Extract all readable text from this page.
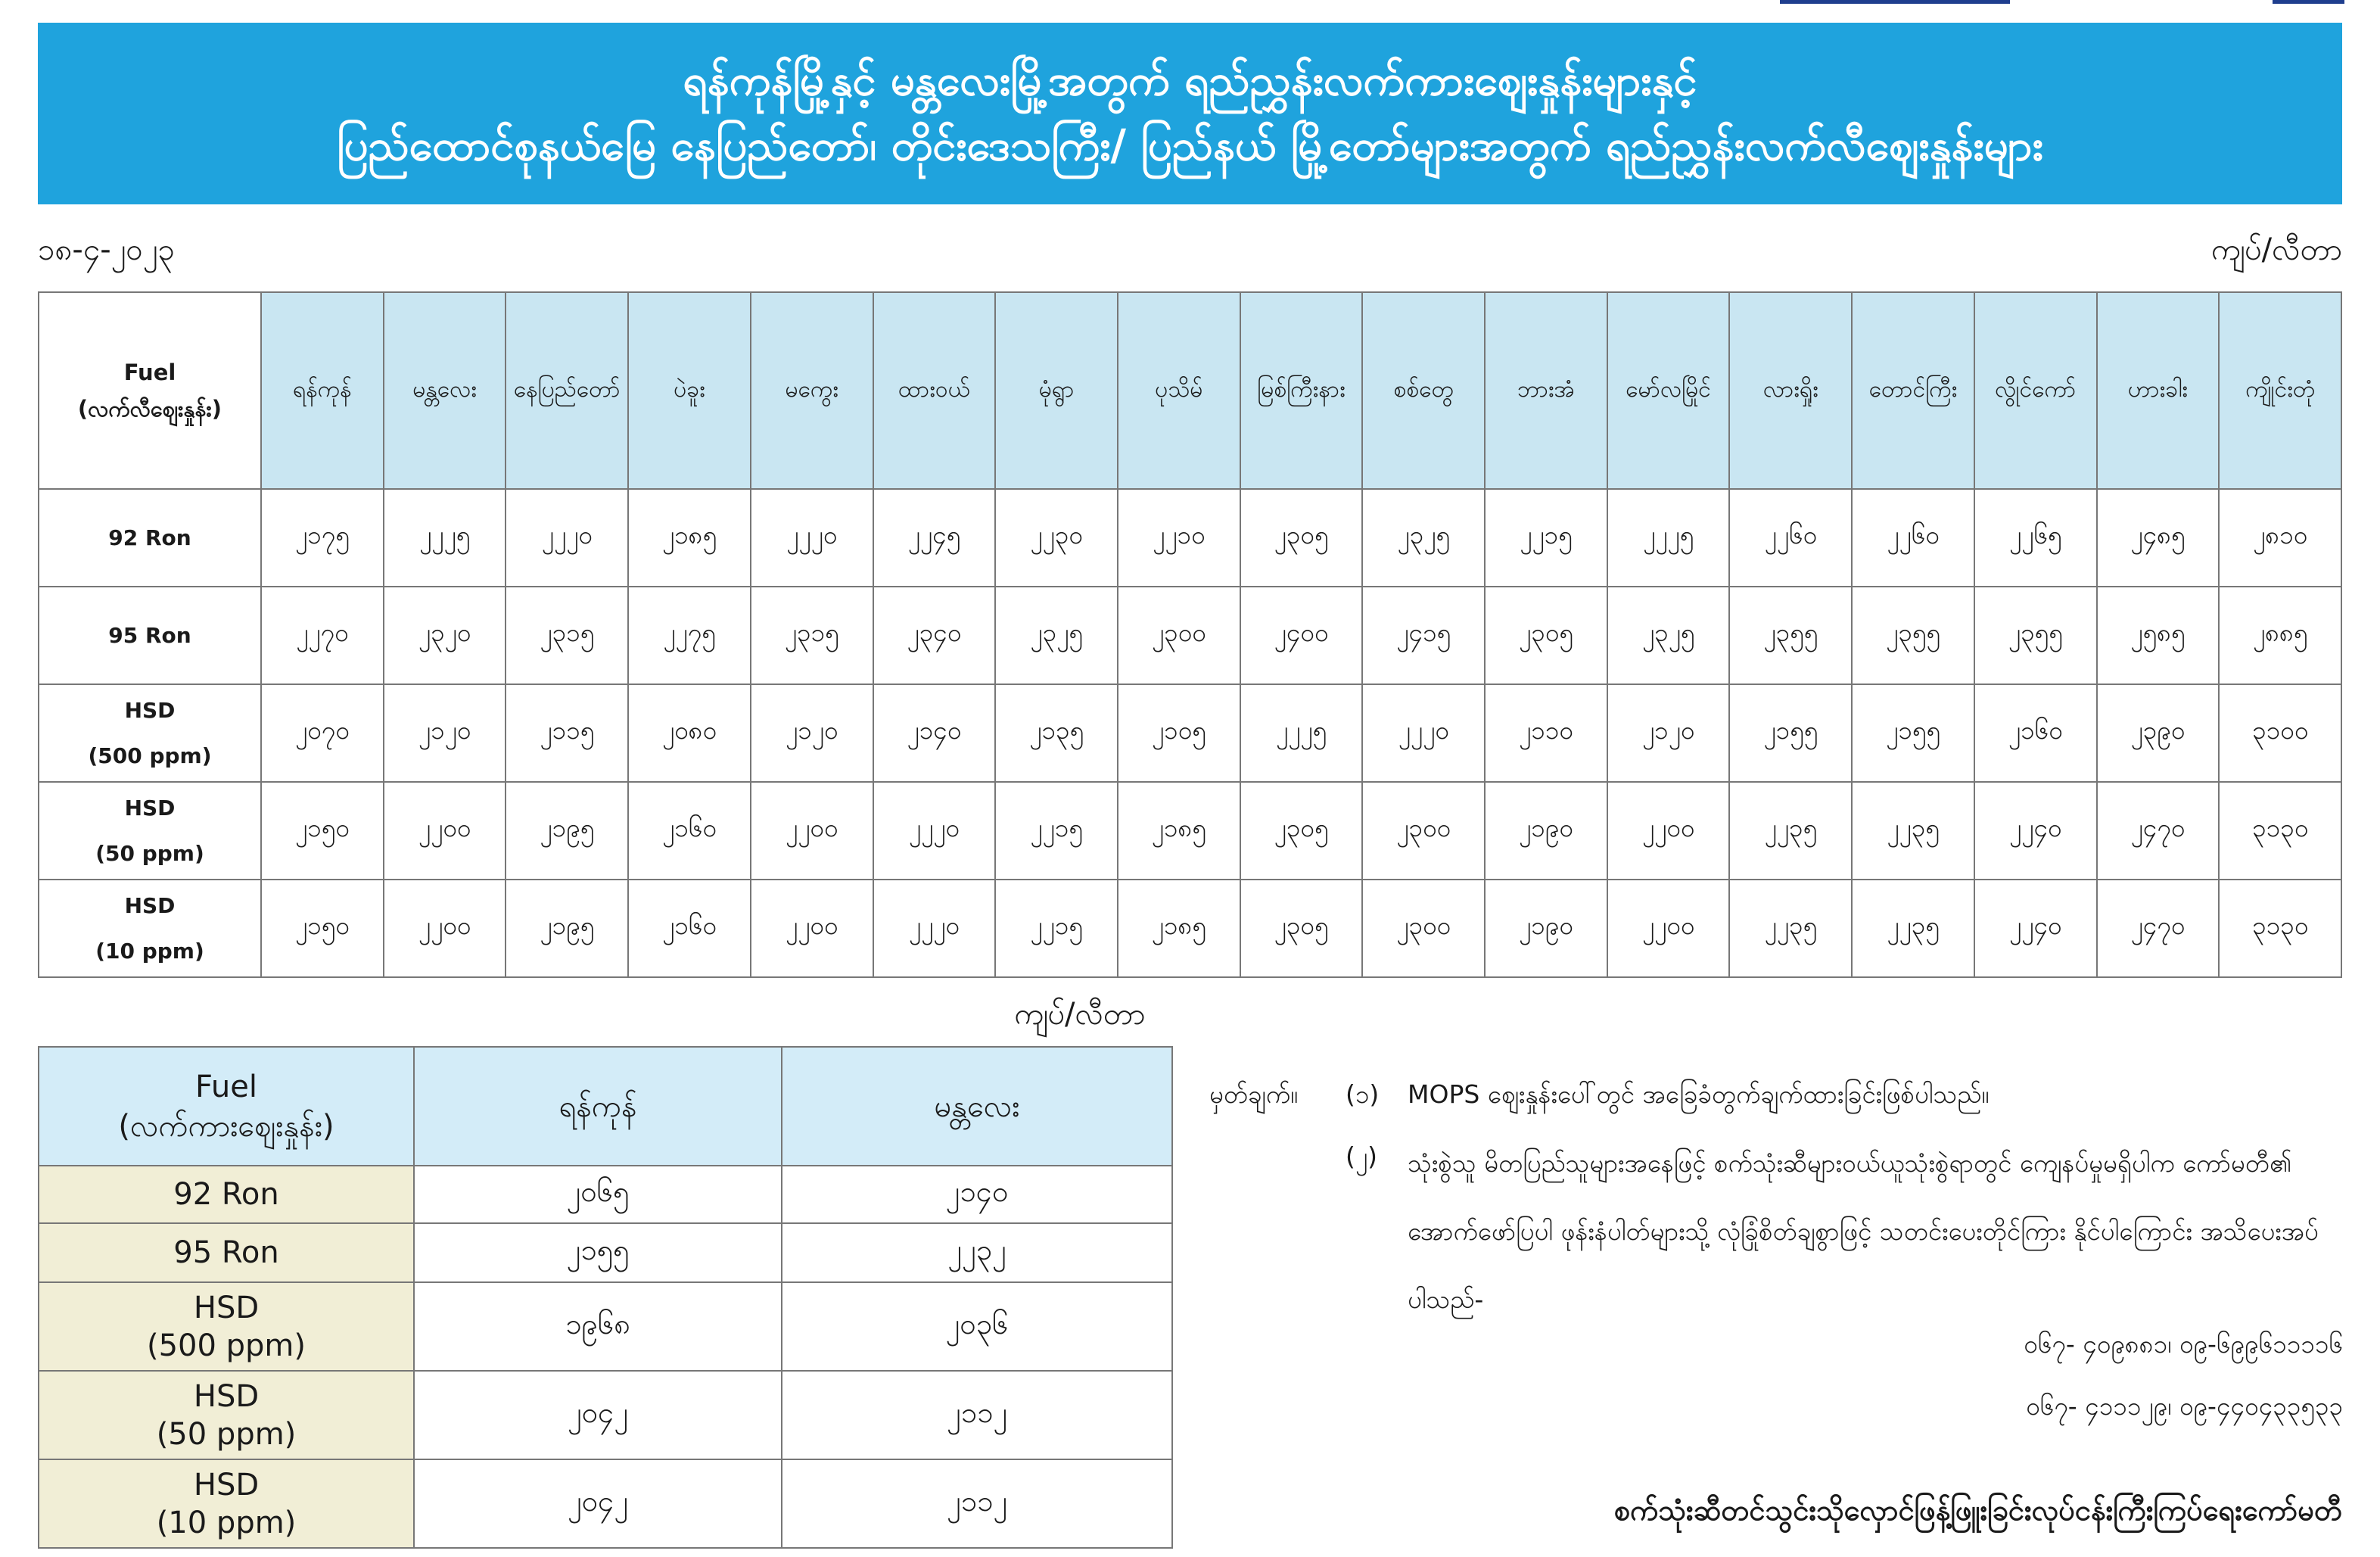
ရန်ကုန်မြို့နှင့် မန္တလေးမြို့အတွက် ရည်ညွှန်းလက်ကားဈေးနှုန်းများနှင့်
ပြည်ထောင်စုနယ်မြေ နေပြည်တော်၊ တိုင်းဒေသကြီး/ ပြည်နယ် မြို့တော်များအတွက် ရည်ညွှန်းလက်လီဈေးနှုန်းများ
၁၈-၄-၂၀၂၃	ကျပ်/လီတာ
Fuel
(လက်လီဈေးနှုန်း)	ရန်ကုန်	မန္တလေး	နေပြည်တော်	ပဲခူး	မကွေး	ထားဝယ်	မုံရွာ	ပုသိမ်	မြစ်ကြီးနား	စစ်တွေ	ဘားအံ	မော်လမြိုင်	လားရှိုး	တောင်ကြီး	လွိုင်ကော်	ဟားခါး	ကျိုင်းတုံ

92 Ron	၂၁၇၅	၂၂၂၅	၂၂၂၀	၂၁၈၅	၂၂၂၀	၂၂၄၅	၂၂၃၀	၂၂၁၀	၂၃၀၅	၂၃၂၅	၂၂၁၅	၂၂၂၅	၂၂၆၀	၂၂၆၀	၂၂၆၅	၂၄၈၅	၂၈၁၀

95 Ron	၂၂၇၀	၂၃၂၀	၂၃၁၅	၂၂၇၅	၂၃၁၅	၂၃၄၀	၂၃၂၅	၂၃၀၀	၂၄၀၀	၂၄၁၅	၂၃၀၅	၂၃၂၅	၂၃၅၅	၂၃၅၅	၂၃၅၅	၂၅၈၅	၂၈၈၅

HSD
(500 ppm)	၂၀၇၀	၂၁၂၀	၂၁၁၅	၂၀၈၀	၂၁၂၀	၂၁၄၀	၂၁၃၅	၂၁၀၅	၂၂၂၅	၂၂၂၀	၂၁၁၀	၂၁၂၀	၂၁၅၅	၂၁၅၅	၂၁၆၀	၂၃၉၀	၃၁၀၀

HSD
(50 ppm)	၂၁၅၀	၂၂၀၀	၂၁၉၅	၂၁၆၀	၂၂၀၀	၂၂၂၀	၂၂၁၅	၂၁၈၅	၂၃၀၅	၂၃၀၀	၂၁၉၀	၂၂၀၀	၂၂၃၅	၂၂၃၅	၂၂၄၀	၂၄၇၀	၃၁၃၀

HSD
(10 ppm)	၂၁၅၀	၂၂၀၀	၂၁၉၅	၂၁၆၀	၂၂၀၀	၂၂၂၀	၂၂၁၅	၂၁၈၅	၂၃၀၅	၂၃၀၀	၂၁၉၀	၂၂၀၀	၂၂၃၅	၂၂၃၅	၂၂၄၀	၂၄၇၀	၃၁၃၀
ကျပ်/လီတာ
Fuel
(လက်ကားဈေးနှုန်း)	ရန်ကုန်	မန္တလေး

92 Ron	၂၀၆၅	၂၁၄၀

95 Ron	၂၁၅၅	၂၂၃၂

HSD
(500 ppm)	၁၉၆၈	၂၀၃၆

HSD
(50 ppm)	၂၀၄၂	၂၁၁၂

HSD
(10 ppm)	၂၀၄၂	၂၁၁၂
မှတ်ချက်။ (၁) MOPS ဈေးနှုန်းပေါ်တွင် အခြေခံတွက်ချက်ထားခြင်းဖြစ်ပါသည်။
(၂) သုံးစွဲသူ မိတပြည်သူများအနေဖြင့် စက်သုံးဆီများဝယ်ယူသုံးစွဲရာတွင် ကျေနပ်မှုမရှိပါက ကော်မတီ၏ အောက်ဖော်ပြပါ ဖုန်းနံပါတ်များသို့ လုံခြုံစိတ်ချစွာဖြင့် သတင်းပေးတိုင်ကြား နိုင်ပါကြောင်း အသိပေးအပ်ပါသည်-
၀၆၇- ၄၀၉၈၈၁၊ ၀၉-၆၉၉၆၁၁၁၁၆
၀၆၇- ၄၁၁၁၂၉၊ ၀၉-၄၄၀၄၃၃၅၃၃
စက်သုံးဆီတင်သွင်းသိုလှောင်ဖြန့်ဖြူးခြင်းလုပ်ငန်းကြီးကြပ်ရေးကော်မတီ
